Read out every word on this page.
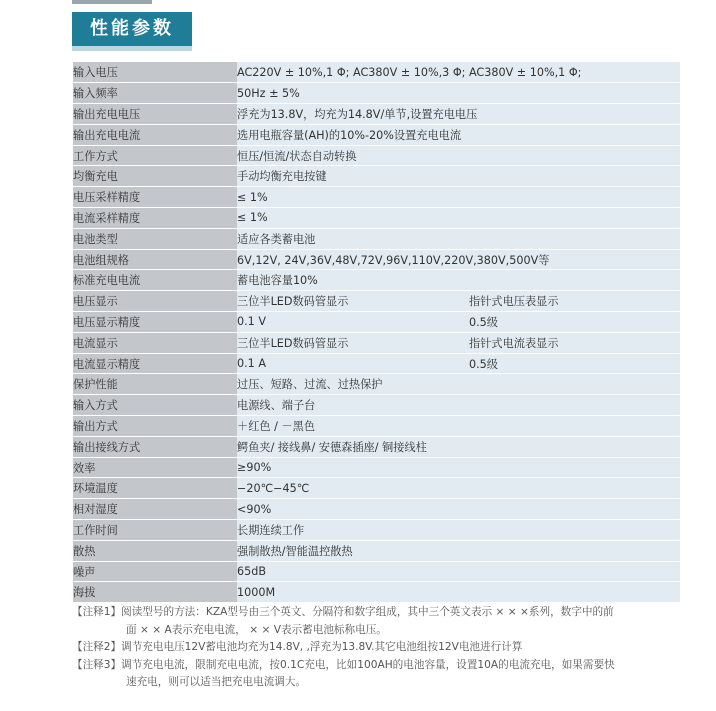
性能参数
输入电压	AC220V ± 10%,1 Φ; AC380V ± 10%,3 Φ; AC380V ± 10%,1 Φ;	
输入频率	50Hz ± 5%	
输出充电电压	浮充为13.8V，均充为14.8V/单节,设置充电电压	
输出充电电流	选用电瓶容量(AH)的10%-20%设置充电电流	
工作方式	恒压/恒流/状态自动转换	
均衡充电	手动均衡充电按键	
电压采样精度	≤ 1%	
电流采样精度	≤ 1%	
电池类型	适应各类蓄电池	
电池组规格	6V,12V, 24V,36V,48V,72V,96V,110V,220V,380V,500V等	
标准充电电流	蓄电池容量10%	
电压显示	三位半LED数码管显示	指针式电压表显示
电压显示精度	0.1 V	0.5级
电流显示	三位半LED数码管显示	指针式电流表显示
电流显示精度	0.1 A	0.5级
保护性能	过压、短路、过流、过热保护	
输入方式	电源线、端子台	
输出方式	＋红色 / －黑色	
输出接线方式	鳄鱼夹/ 接线鼻/ 安德森插座/ 铜接线柱	
效率	≥90%	
环境温度	−20℃−45℃	
相对湿度	<90%	
工作时间	长期连续工作	
散热	强制散热/智能温控散热	
噪声	65dB	
海拔	1000M	
【注释1】阅读型号的方法：KZA型号由三个英文、分隔符和数字组成，其中三个英文表示 × × ×系列，数字中的前
面 × × A表示充电电流， × × V表示蓄电池标称电压。
【注释2】调节充电电压12V蓄电池均充为14.8V, ,浮充为13.8V.其它电池组按12V电池进行计算
【注释3】调节充电电流，限制充电电流，按0.1C充电，比如100AH的电池容量，设置10A的电流充电，如果需要快
速充电，则可以适当把充电电流调大。
